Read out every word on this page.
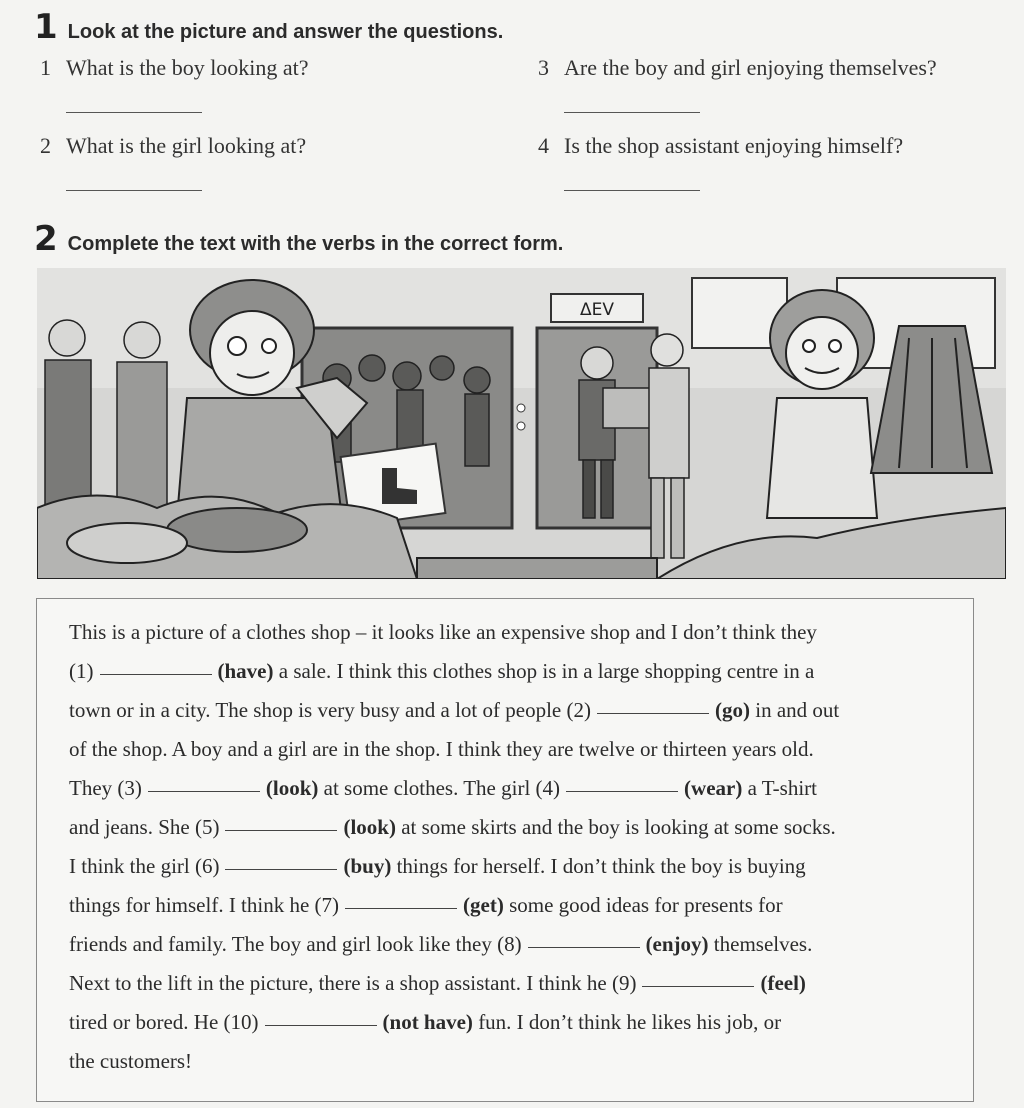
1 Look at the picture and answer the questions.
1 What is the boy looking at?
2 What is the girl looking at?
3 Are the boy and girl enjoying themselves?
4 Is the shop assistant enjoying himself?
2 Complete the text with the verbs in the correct form.
ΔEV
This is a picture of a clothes shop – it looks like an expensive shop and I don’t think they
(1)	(have) a sale. I think this clothes shop is in a large shopping centre in a
town or in a city. The shop is very busy and a lot of people (2)	(go) in and out
of the shop. A boy and a girl are in the shop. I think they are twelve or thirteen years old.
They (3)	(look) at some clothes. The girl (4)	(wear) a T-shirt
and jeans. She (5)	(look) at some skirts and the boy is looking at some socks.
I think the girl (6)	(buy) things for herself. I don’t think the boy is buying
things for himself. I think he (7)	(get) some good ideas for presents for
friends and family. The boy and girl look like they (8)	(enjoy) themselves.
Next to the lift in the picture, there is a shop assistant. I think he (9)	(feel)
tired or bored. He (10)	(not have) fun. I don’t think he likes his job, or
the customers!
